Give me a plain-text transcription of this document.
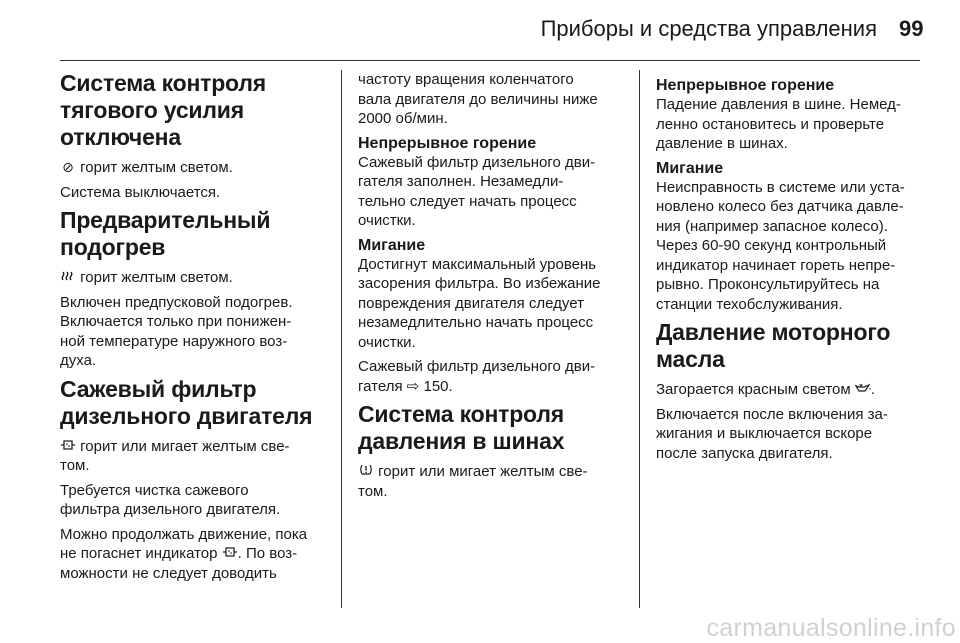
Приборы и средства управления 99
Система контроля
тягового усилия
отключена

⊘ горит желтым светом.

Система выключается.

Предварительный
подогрев

горит желтым светом.

Включен предпусковой подогрев.
Включается только при понижен-
ной температуре наружного воз-
духа.

Сажевый фильтр
дизельного двигателя

горит или мигает желтым све-
том.

Требуется чистка сажевого
фильтра дизельного двигателя.

Можно продолжать движение, пока
не погаснет индикатор . По воз-
можности не следует доводить

частоту вращения коленчатого
вала двигателя до величины ниже
2000 об/мин.

Непрерывное горение

Сажевый фильтр дизельного дви-
гателя заполнен. Незамедли-
тельно следует начать процесс
очистки.

Мигание

Достигнут максимальный уровень
засорения фильтра. Во избежание
повреждения двигателя следует
незамедлительно начать процесс
очистки.

Сажевый фильтр дизельного дви-
гателя ⇨ 150.

Система контроля
давления в шинах

горит или мигает желтым све-
том.

Непрерывное горение

Падение давления в шине. Немед-
ленно остановитесь и проверьте
давление в шинах.

Мигание

Неисправность в системе или уста-
новлено колесо без датчика давле-
ния (например запасное колесо).
Через 60-90 секунд контрольный
индикатор начинает гореть непре-
рывно. Проконсультируйтесь на
станции техобслуживания.

Давление моторного
масла

Загорается красным светом .

Включается после включения за-
жигания и выключается вскоре
после запуска двигателя.

carmanualsonline.info
